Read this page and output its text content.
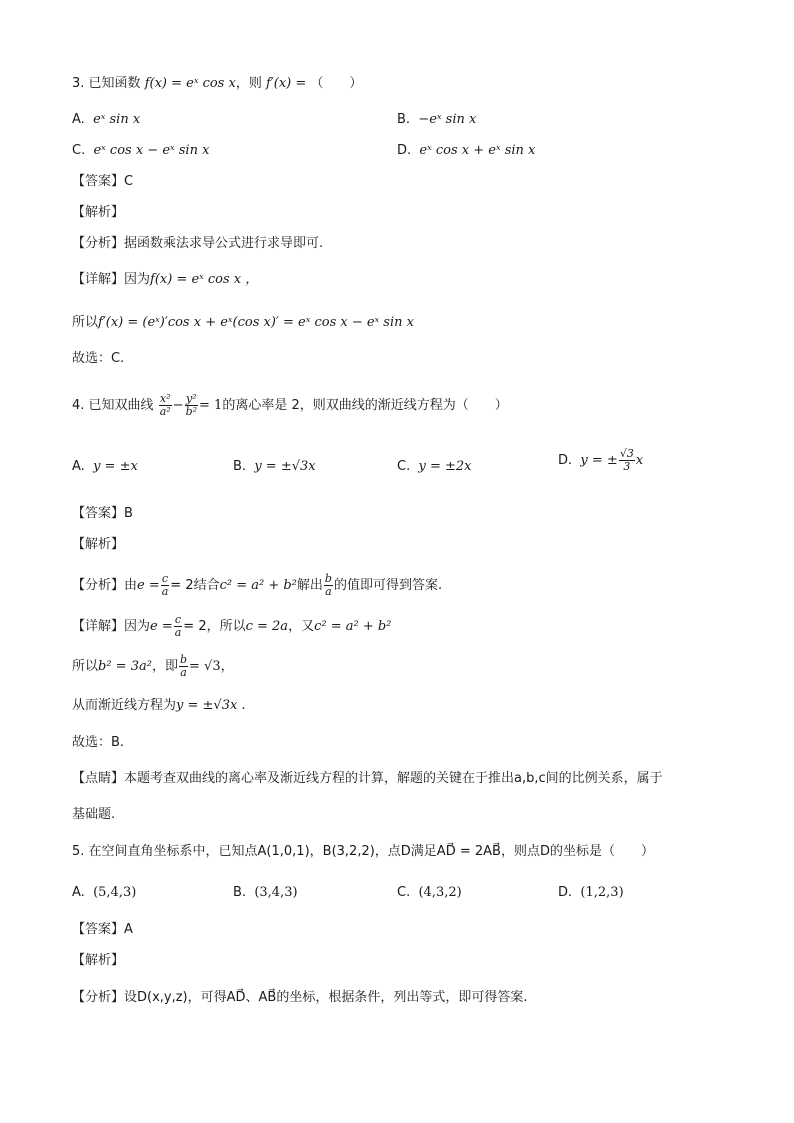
3. 已知函数 f(x) = eˣ cos x，则 f′(x) = （　　）
A. eˣ sin x	B. −eˣ sin x
C. eˣ cos x − eˣ sin x	D. eˣ cos x + eˣ sin x
【答案】C
【解析】
【分析】据函数乘法求导公式进行求导即可.
【详解】因为f(x) = eˣ cos x ，
所以f′(x) = (eˣ)′cos x + eˣ(cos x)′ = eˣ cos x − eˣ sin x
故选：C.
4. 已知双曲线 $\frac{\text{x²}}{\text{a²}} - \frac{\text{y²}}{\text{b²}} = 1$的离心率是 2，则双曲线的渐近线方程为（　　）
A. y = ±x	B. y = ±√3x	C. y = ±2x	D. y = ± $\frac{√3}{3}$ x
【答案】B
【解析】
【分析】由$e = \frac{c}{a} = 2$结合c² = a² + b²解出 $\frac{b}{a}$ 的值即可得到答案.
【详解】因为$e = \frac{c}{a} = 2$，所以c = 2a，又c² = a² + b²
所以b² = 3a²，即 $\frac{b}{a} = √3$，
从而渐近线方程为y = ±√3x .
故选：B.
【点睛】本题考查双曲线的离心率及渐近线方程的计算，解题的关键在于推出a,b,c间的比例关系，属于
基础题.
5. 在空间直角坐标系中，已知点A(1,0,1)，B(3,2,2)，点D满足AD⃗ = 2AB⃗，则点D的坐标是（　　）
A. (5,4,3)	B. (3,4,3)	C. (4,3,2)	D. (1,2,3)
【答案】A
【解析】
【分析】设D(x,y,z)，可得AD⃗、AB⃗的坐标，根据条件，列出等式，即可得答案.
